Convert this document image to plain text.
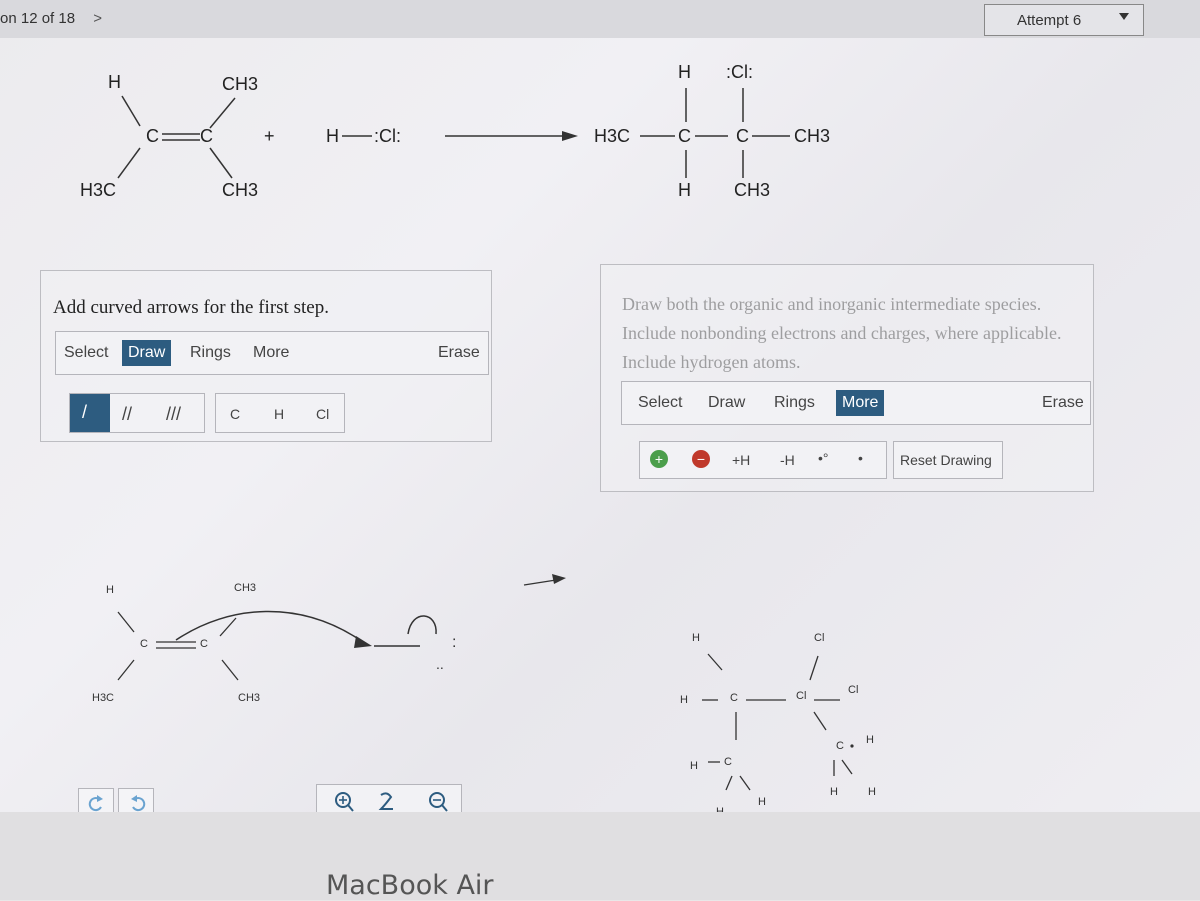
on 12 of 18 >	Attempt 6
H	CH3
C C
H3C	CH3
+	H :Cl:
H :Cl:
H3C	C	C	CH3
H CH3
Add curved arrows for the first step.
Select	Draw	Rings More	Erase
/ // ///	C H Cl
H	CH3
C	C
H3C	CH3
:
..
Select Draw Rings	More	Erase
+	−	+H -H •° •	Reset Drawing
H	Cl
H	C	Cl	Cl
C H
H C
H
H	H
MacBook Air
